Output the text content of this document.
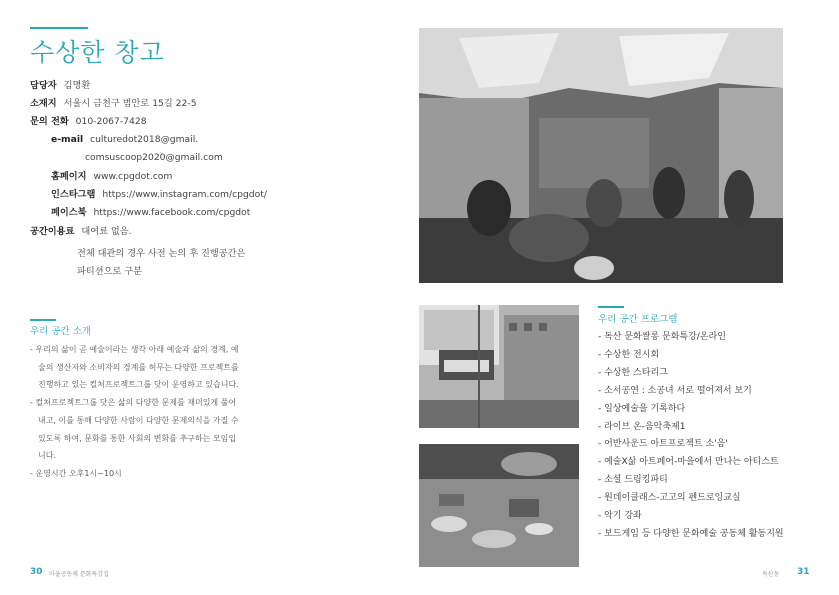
수상한 창고
담당자 김명환
소재지 서울시 금천구 범안로 15길 22-5
문의 전화 010-2067-7428
e-mail culturedot2018@gmail.
comsuscoop2020@gmail.com
홈페이지 www.cpgdot.com
인스타그램 https://www.instagram.com/cpgdot/
페이스북 https://www.facebook.com/cpgdot
공간이용료 대여료 없음.
전체 대관의 경우 사전 논의 후 진행공간은
파티션으로 구분
우리 공간 소개

- 우리의 삶이 곧 예술이라는 생각 아래 예술과 삶의 경계, 예

술의 생산자와 소비자의 경계를 허무는 다양한 프로젝트를

진행하고 있는 컬쳐프로젝트그룹 닷이 운영하고 있습니다.

- 컬쳐프로젝트그룹 닷은 삶의 다양한 문제를 재미있게 풀어

내고, 이를 통해 다양한 사람이 다양한 문제의식을 가질 수

있도록 하여, 문화를 통한 사회의 변화를 추구하는 모임입

니다.

- 운영시간 오후1시~10시

30 마을공동체 문화특강집
우리 공간 프로그램
- 독산 문화쌀롱 문화특강/온라인
- 수상한 전시회
- 수상한 스타리그
- 소서공연 : 소공녀 서로 떨어져서 보기
- 일상예술을 기록하다
- 라이브 온-음악축제1
- 어반사운드 아트프로젝트 소'음'
- 예술X삶 아트페어-마을에서 만나는 아티스트
- 소셜 드링킹파티
- 원데이클래스-고고의 펜드로잉교실
- 악기 강좌
- 보드게임 등 다양한 문화예술 공동체 활동지원
독산동 31
